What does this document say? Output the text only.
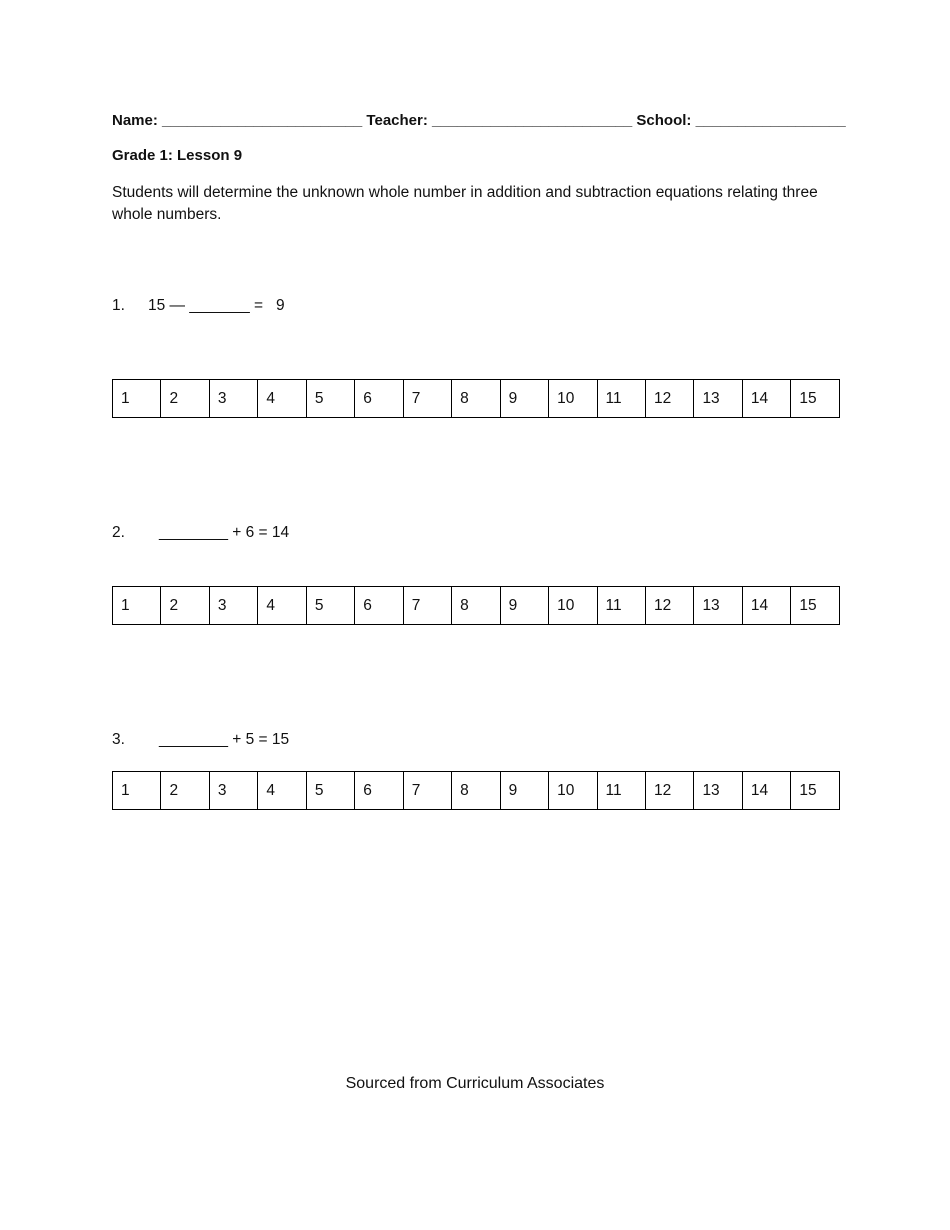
Name: ________________________ Teacher: ________________________ School: __________________
Grade 1: Lesson 9
Students will determine the unknown whole number in addition and subtraction equations relating three whole numbers.
1. 15 — _______ =   9
1	2	3	4	5	6	7	8	9	10	11	12	13	14	15
2. ________ + 6 = 14
1	2	3	4	5	6	7	8	9	10	11	12	13	14	15
3. ________ + 5 = 15
1	2	3	4	5	6	7	8	9	10	11	12	13	14	15
Sourced from Curriculum Associates
